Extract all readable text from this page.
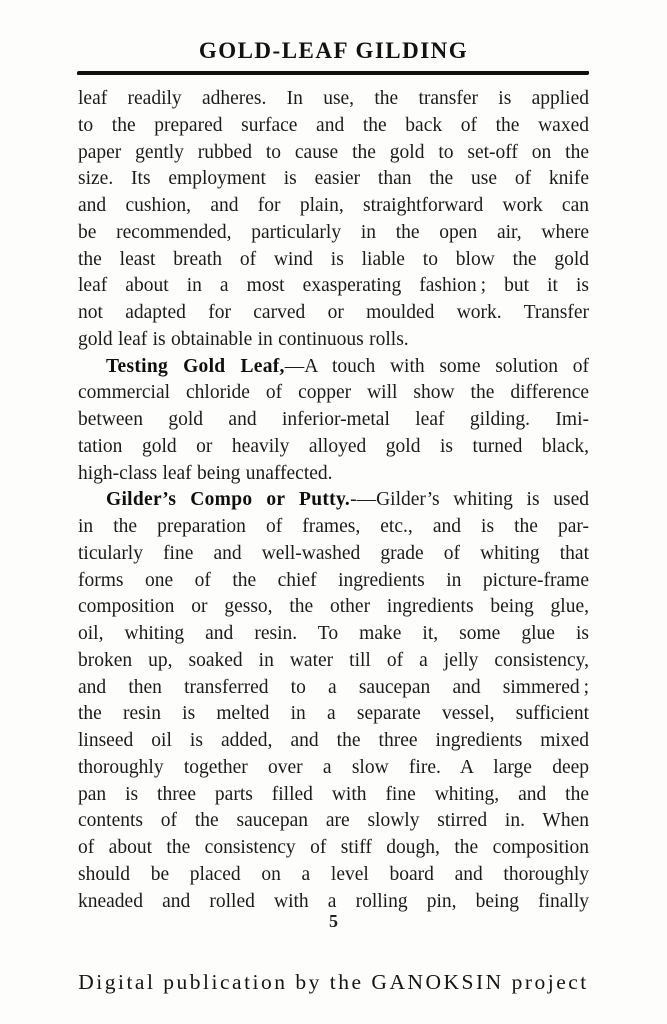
GOLD-LEAF GILDING
leaf readily adheres. In use, the transfer is applied
to the prepared surface and the back of the waxed
paper gently rubbed to cause the gold to set-off on the
size. Its employment is easier than the use of knife
and cushion, and for plain, straightforward work can
be recommended, particularly in the open air, where
the least breath of wind is liable to blow the gold
leaf about in a most exasperating fashion ; but it is
not adapted for carved or moulded work. Transfer
gold leaf is obtainable in continuous rolls.
Testing Gold Leaf,—A touch with some solution of
commercial chloride of copper will show the difference
between gold and inferior-metal leaf gilding. Imi-
tation gold or heavily alloyed gold is turned black,
high-class leaf being unaffected.
Gilder’s Compo or Putty.-—Gilder’s whiting is used
in the preparation of frames, etc., and is the par-
ticularly fine and well-washed grade of whiting that
forms one of the chief ingredients in picture-frame
composition or gesso, the other ingredients being glue,
oil, whiting and resin. To make it, some glue is
broken up, soaked in water till of a jelly consistency,
and then transferred to a saucepan and simmered ;
the resin is melted in a separate vessel, sufficient
linseed oil is added, and the three ingredients mixed
thoroughly together over a slow fire. A large deep
pan is three parts filled with fine whiting, and the
contents of the saucepan are slowly stirred in. When
of about the consistency of stiff dough, the composition
should be placed on a level board and thoroughly
kneaded and rolled with a rolling pin, being finally
5
Digital publication by the GANOKSIN project
